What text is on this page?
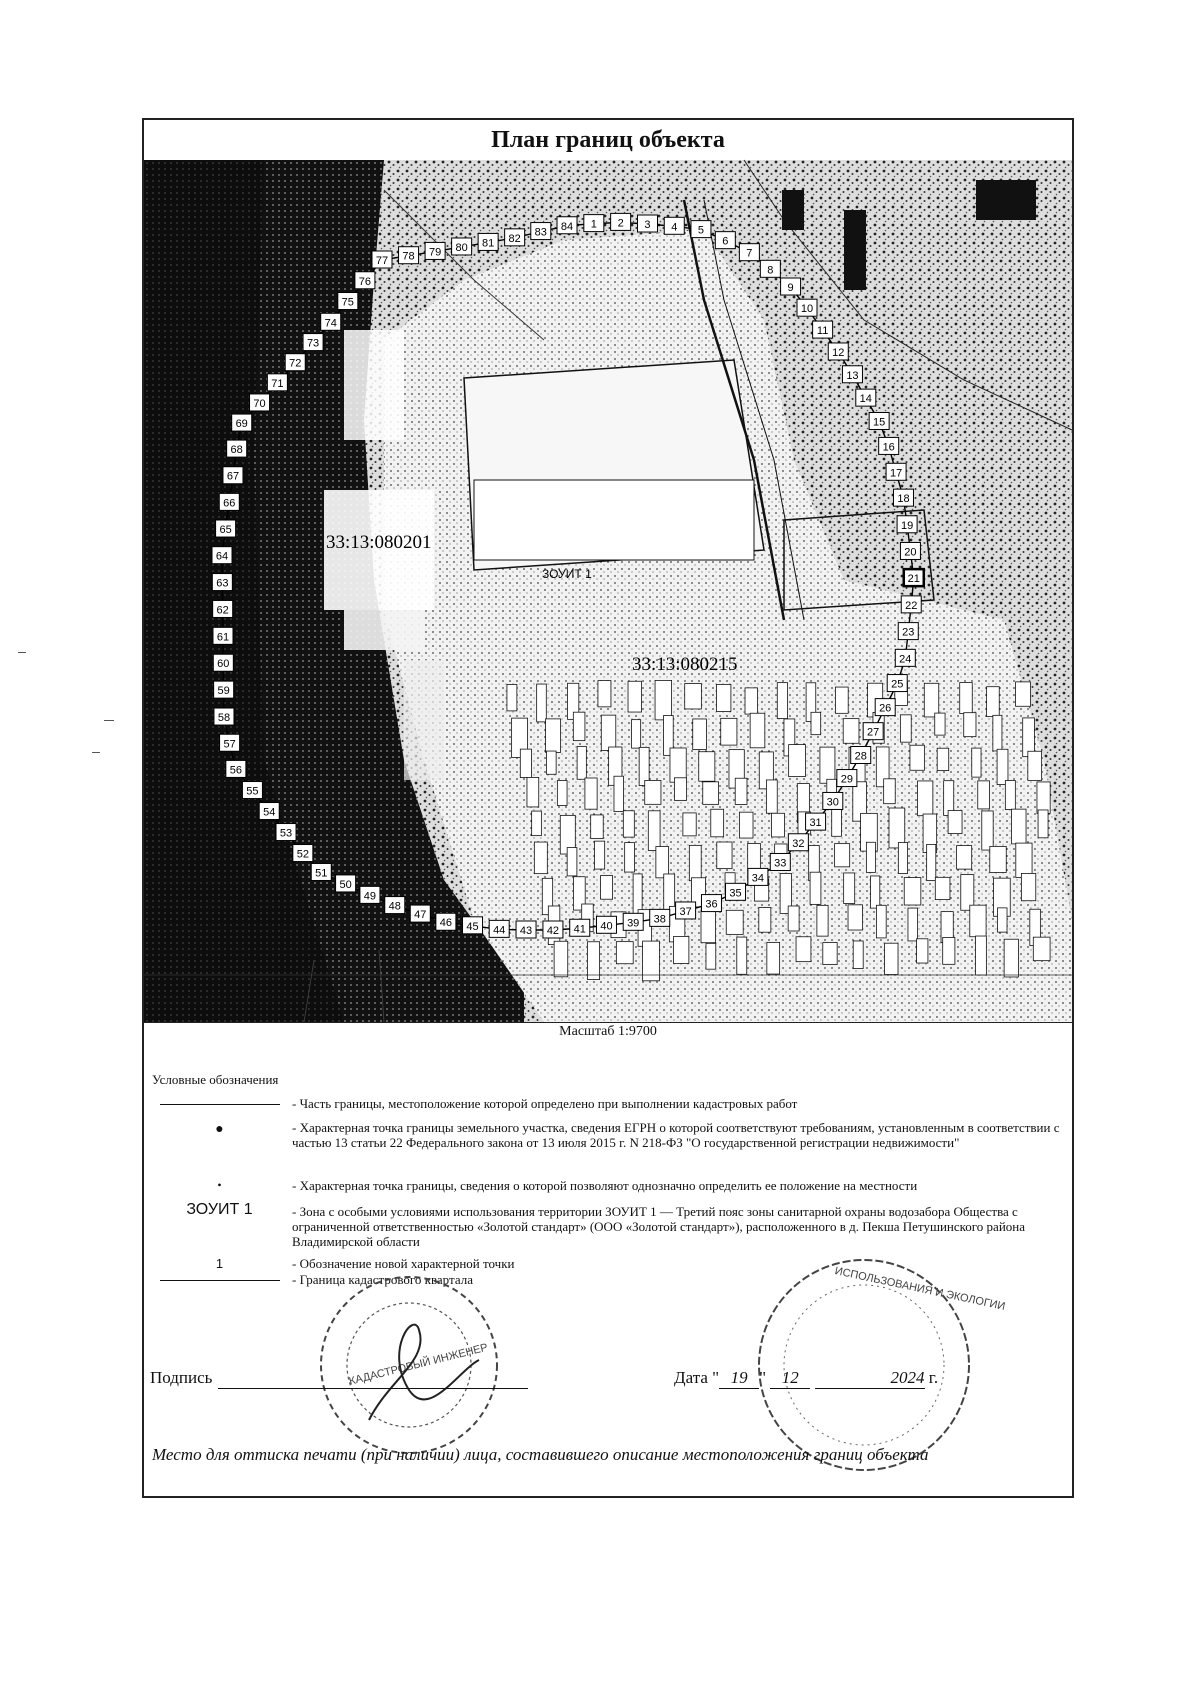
План границ объекта
33:13:080201
33:13:080215
ЗОУИТ 1
77
76
75
74
73
72
71
70
69
68
67
66
65
64
63
62
61
60
59
58
57
56
55
54
53
52
51
50
49
48
47
46 45 44 43 42 41 40 39 38
37
36
35
34
33
32
31
30
29
28
27
26
25
24
23
22
21
20
19
18
17
16
15
14
13
12
11
10
9
8
7
6
5
4
3
2
1
84
83
82
81
80
79
78
Масштаб 1:9700
Условные обозначения
- Часть границы, местоположение которой определено при выполнении кадастровых работ
●	- Характерная точка границы земельного участка, сведения ЕГРН о которой соответствуют требованиям, установленным в соответствии с частью 13 статьи 22 Федерального закона от 13 июля 2015 г. N 218-ФЗ "О государственной регистрации недвижимости"
•	- Характерная точка границы, сведения о которой позволяют однозначно определить ее положение на местности
ЗОУИТ 1	- Зона с особыми условиями использования территории ЗОУИТ 1 — Третий пояс зоны санитарной охраны водозабора Общества с ограниченной ответственностью «Золотой стандарт» (ООО «Золотой стандарт»), расположенного в д. Пекша Петушинского района Владимирской области
1	- Обозначение новой характерной точки
- Граница кадастрового квартала
КАДАСТРОВЫЙ ИНЖЕНЕР
ИСПОЛЬЗОВАНИЯ И ЭКОЛОГИИ
Подпись	Дата " 19 " 12	2024 г.
Место для оттиска печати (при наличии) лица, составившего описание местоположения границ объекта
